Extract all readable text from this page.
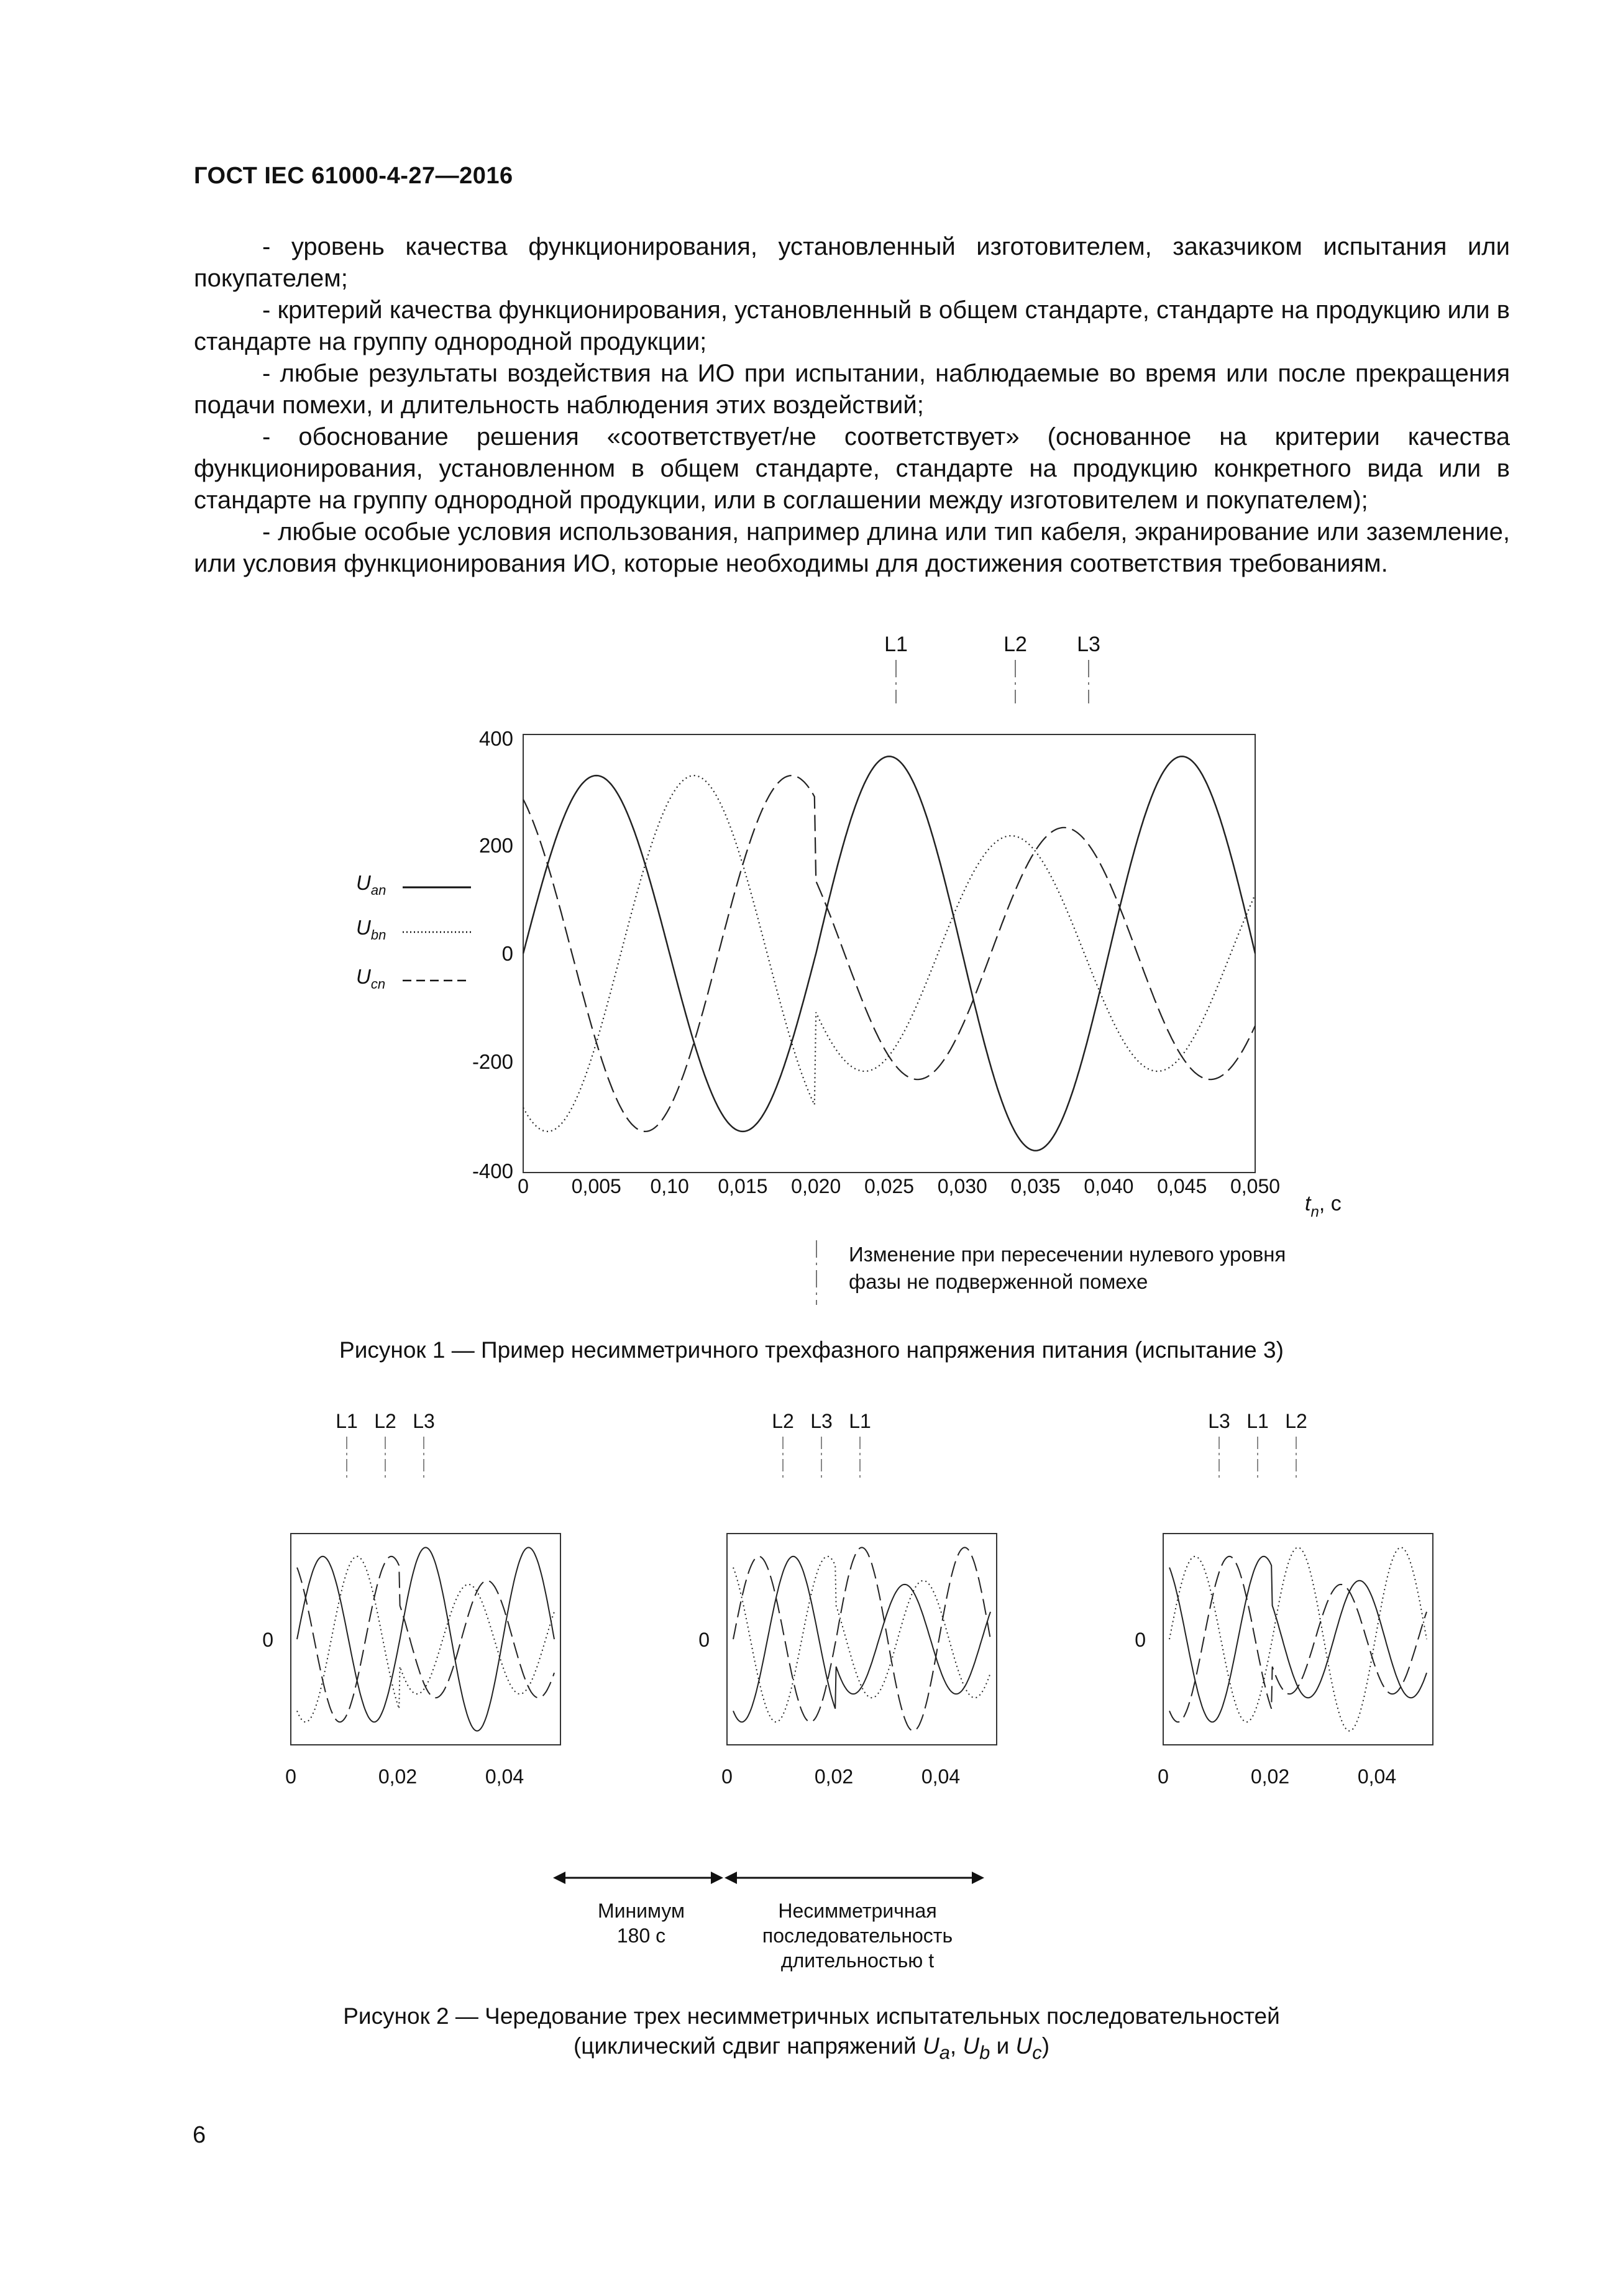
ГОСТ IEC 61000-4-27—2016

- уровень качества функционирования, установленный изготовителем, заказчиком испытания или покупателем;

- критерий качества функционирования, установленный в общем стандарте, стандарте на продукцию или в стандарте на группу однородной продукции;

- любые результаты воздействия на ИО при испытании, наблюдаемые во время или после прекращения подачи помехи, и длительность наблюдения этих воздействий;

- обоснование решения «соответствует/не соответствует» (основанное на критерии качества функционирования, установленном в общем стандарте, стандарте на продукцию конкретного вида или в стандарте на группу однородной продукции, или в соглашении между изготовителем и покупателем);

- любые особые условия использования, например длина или тип кабеля, экранирование или заземление, или условия функционирования ИО, которые необходимы для достижения соответствия требованиям.

L1	L2 L3
400
200
0
-200
-400
0 0,005 0,10 0,015 0,020 0,025 0,030 0,035 0,040 0,045 0,050
$t_n$, с
$U_{an}$
$U_{bn}$
$U_{cn}$
Изменение при пересечении нулевого уровня
фазы не подверженной помехе
Рисунок 1 — Пример несимметричного трехфазного напряжения питания (испытание 3)
L1 L2 L3
0
0	0,02	0,04
L2 L3 L1
0
0	0,02	0,04
L3 L1 L2
0
0	0,02	0,04
Минимум
180 с
Несимметричная
последовательность
длительностью t
Рисунок 2 — Чередование трех несимметричных испытательных последовательностей
(циклический сдвиг напряжений $U_a$, $U_b$ и $U_c$)
6
